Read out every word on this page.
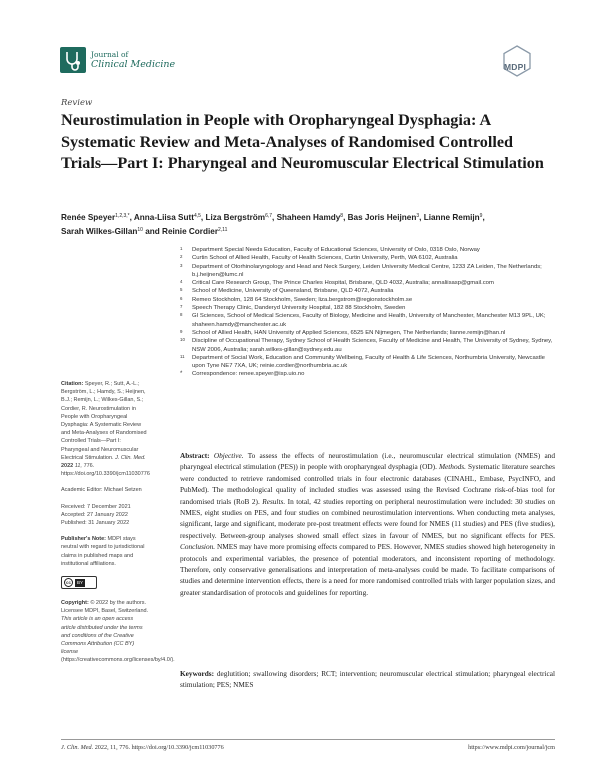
Journal of
Clinical Medicine	MDPI
Review
Neurostimulation in People with Oropharyngeal Dysphagia: A Systematic Review and Meta-Analyses of Randomised Controlled Trials—Part I: Pharyngeal and Neuromuscular Electrical Stimulation
Renée Speyer$^{1,2,3,*}$, Anna-Liisa Sutt$^{4,5}$, Liza Bergström$^{6,7}$, Shaheen Hamdy$^8$, Bas Joris Heijnen$^3$, Lianne Remijn$^9$,
Sarah Wilkes-Gillan$^{10}$ and Reinie Cordier$^{2,11}$
1 Department Special Needs Education, Faculty of Educational Sciences, University of Oslo, 0318 Oslo, Norway
2 Curtin School of Allied Health, Faculty of Health Sciences, Curtin University, Perth, WA 6102, Australia
3 Department of Otorhinolaryngology and Head and Neck Surgery, Leiden University Medical Centre, 1233 ZA Leiden, The Netherlands; b.j.heijnen@lumc.nl
4 Critical Care Research Group, The Prince Charles Hospital, Brisbane, QLD 4032, Australia; annaliisasp@gmail.com
5 School of Medicine, University of Queensland, Brisbane, QLD 4072, Australia
6 Remeo Stockholm, 128 64 Stockholm, Sweden; liza.bergstrom@regionstockholm.se
7 Speech Therapy Clinic, Danderyd University Hospital, 182 88 Stockholm, Sweden
8 GI Sciences, School of Medical Sciences, Faculty of Biology, Medicine and Health, University of Manchester, Manchester M13 9PL, UK; shaheen.hamdy@manchester.ac.uk
9 School of Allied Health, HAN University of Applied Sciences, 6525 EN Nijmegen, The Netherlands; lianne.remijn@han.nl
10 Discipline of Occupational Therapy, Sydney School of Health Sciences, Faculty of Medicine and Health, The University of Sydney, Sydney, NSW 2006, Australia; sarah.wilkes-gillan@sydney.edu.au
11 Department of Social Work, Education and Community Wellbeing, Faculty of Health & Life Sciences, Northumbria University, Newcastle upon Tyne NE7 7XA, UK; reinie.cordier@northumbria.ac.uk
* Correspondence: renee.speyer@isp.uio.no
Citation: Speyer, R.; Sutt, A.-L.; Bergström, L.; Hamdy, S.; Heijnen, B.J.; Remijn, L.; Wilkes-Gillan, S.; Cordier, R. Neurostimulation in People with Oropharyngeal Dysphagia: A Systematic Review and Meta-Analyses of Randomised Controlled Trials—Part I: Pharyngeal and Neuromuscular Electrical Stimulation. J. Clin. Med. 2022 11, 776. https://doi.org/10.3390/jcm11030776
Academic Editor: Michael Setzen
Received: 7 December 2021
Accepted: 27 January 2022
Published: 31 January 2022
Publisher's Note: MDPI stays neutral with regard to jurisdictional claims in published maps and institutional affiliations.
cc	BY
Copyright: © 2022 by the authors. Licensee MDPI, Basel, Switzerland. This article is an open access article distributed under the terms and conditions of the Creative Commons Attribution (CC BY) license (https://creativecommons.org/licenses/by/4.0/).
Abstract: Objective. To assess the effects of neurostimulation (i.e., neuromuscular electrical stimulation (NMES) and pharyngeal electrical stimulation (PES)) in people with oropharyngeal dysphagia (OD). Methods. Systematic literature searches were conducted to retrieve randomised controlled trials in four electronic databases (CINAHL, Embase, PsycINFO, and PubMed). The methodological quality of included studies was assessed using the Revised Cochrane risk-of-bias tool for randomised trials (RoB 2). Results. In total, 42 studies reporting on peripheral neurostimulation were included: 30 studies on NMES, eight studies on PES, and four studies on combined neurostimulation interventions. When conducting meta analyses, significant, large and significant, moderate pre-post treatment effects were found for NMES (11 studies) and PES (five studies), respectively. Between-group analyses showed small effect sizes in favour of NMES, but no significant effects for PES. Conclusion. NMES may have more promising effects compared to PES. However, NMES studies showed high heterogeneity in protocols and experimental variables, the presence of potential moderators, and inconsistent reporting of methodology. Therefore, only conservative generalisations and interpretation of meta-analyses could be made. To facilitate comparisons of studies and determine intervention effects, there is a need for more randomised controlled trials with larger population sizes, and greater standardisation of protocols and guidelines for reporting.
Keywords: deglutition; swallowing disorders; RCT; intervention; neuromuscular electrical stimulation; pharyngeal electrical stimulation; PES; NMES
J. Clin. Med. 2022, 11, 776. https://doi.org/10.3390/jcm11030776	https://www.mdpi.com/journal/jcm
